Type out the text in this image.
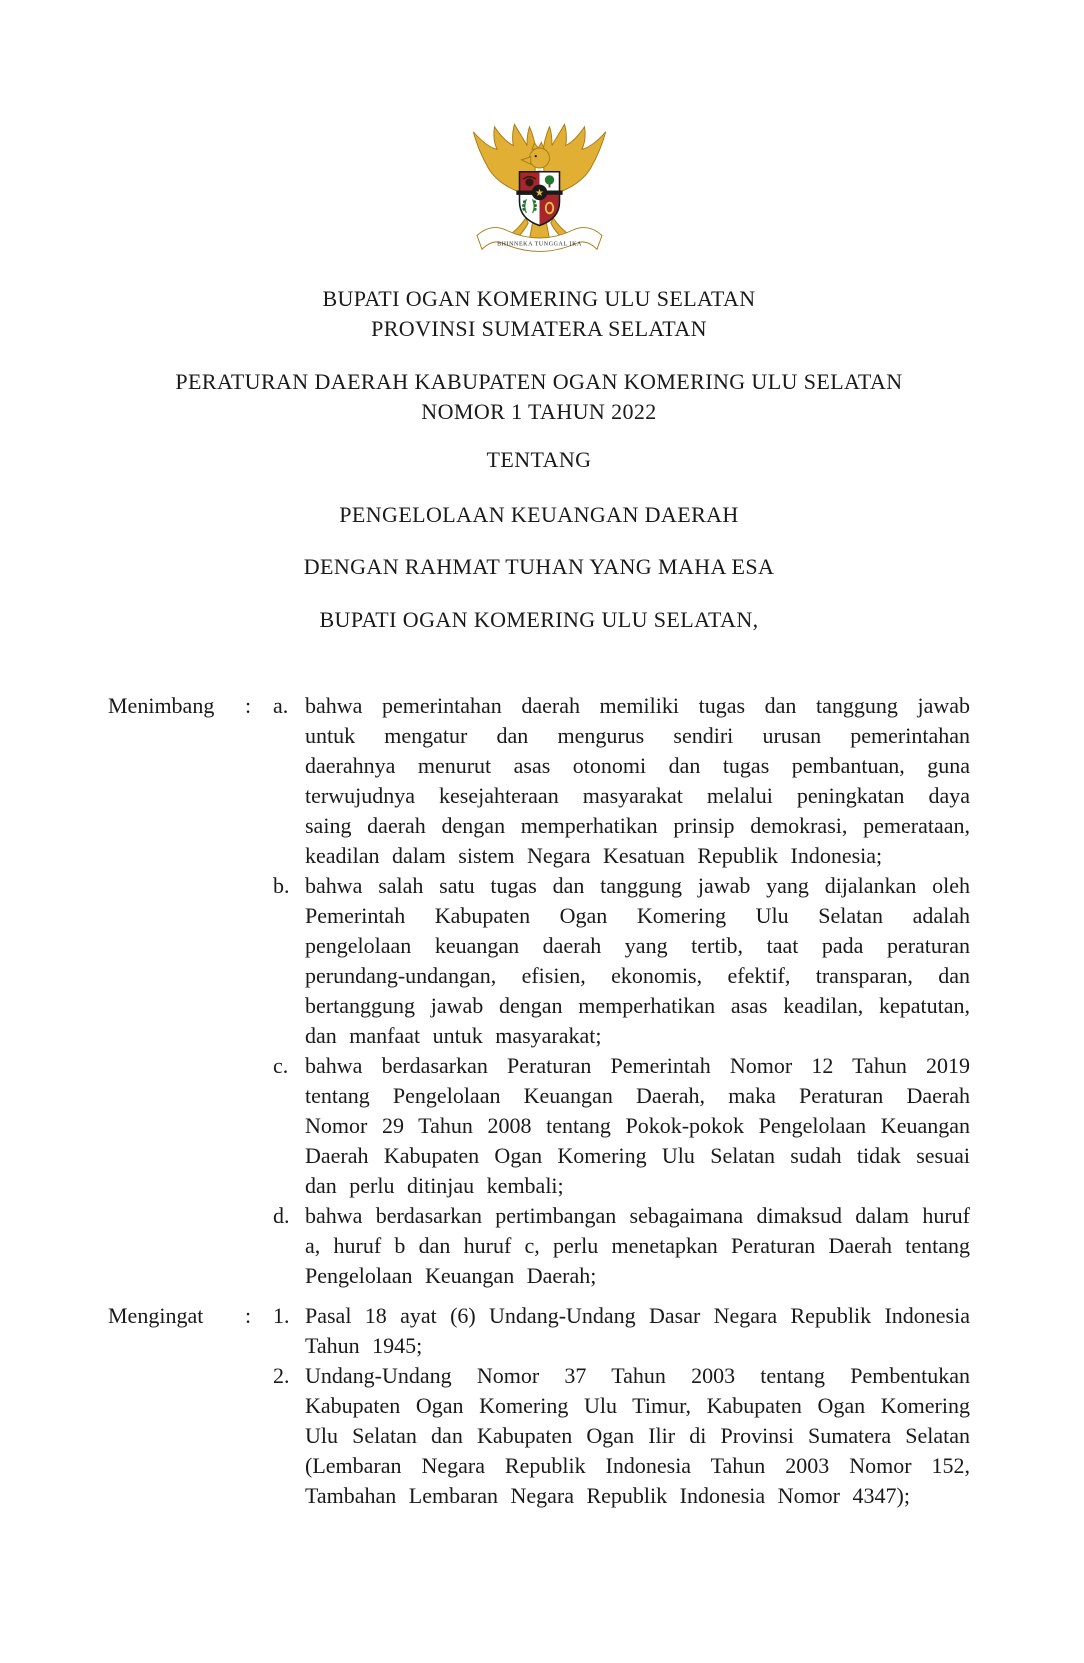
BHINNEKA TUNGGAL IKA
★
BUPATI OGAN KOMERING ULU SELATAN
PROVINSI SUMATERA SELATAN
PERATURAN DAERAH KABUPATEN OGAN KOMERING ULU SELATAN
NOMOR 1 TAHUN 2022
TENTANG
PENGELOLAAN KEUANGAN DAERAH
DENGAN RAHMAT TUHAN YANG MAHA ESA
BUPATI OGAN KOMERING ULU SELATAN,
Menimbang	: a. bahwa pemerintahan daerah memiliki tugas dan tanggung jawab untuk mengatur dan mengurus sendiri urusan pemerintahan daerahnya menurut asas otonomi dan tugas pembantuan, guna terwujudnya kesejahteraan masyarakat melalui peningkatan daya saing daerah dengan memperhatikan prinsip demokrasi, pemerataan, keadilan dalam sistem Negara Kesatuan Republik Indonesia;
b. bahwa salah satu tugas dan tanggung jawab yang dijalankan oleh Pemerintah Kabupaten Ogan Komering Ulu Selatan adalah pengelolaan keuangan daerah yang tertib, taat pada peraturan perundang-undangan, efisien, ekonomis, efektif, transparan, dan bertanggung jawab dengan memperhatikan asas keadilan, kepatutan, dan manfaat untuk masyarakat;
c. bahwa berdasarkan Peraturan Pemerintah Nomor 12 Tahun 2019 tentang Pengelolaan Keuangan Daerah, maka Peraturan Daerah Nomor 29 Tahun 2008 tentang Pokok-pokok Pengelolaan Keuangan Daerah Kabupaten Ogan Komering Ulu Selatan sudah tidak sesuai dan perlu ditinjau kembali;
d. bahwa berdasarkan pertimbangan sebagaimana dimaksud dalam huruf a, huruf b dan huruf c, perlu menetapkan Peraturan Daerah tentang Pengelolaan Keuangan Daerah;
Mengingat	: 1. Pasal 18 ayat (6) Undang-Undang Dasar Negara Republik Indonesia Tahun 1945;
2. Undang-Undang Nomor 37 Tahun 2003 tentang Pembentukan Kabupaten Ogan Komering Ulu Timur, Kabupaten Ogan Komering Ulu Selatan dan Kabupaten Ogan Ilir di Provinsi Sumatera Selatan (Lembaran Negara Republik Indonesia Tahun 2003 Nomor 152, Tambahan Lembaran Negara Republik Indonesia Nomor 4347);
